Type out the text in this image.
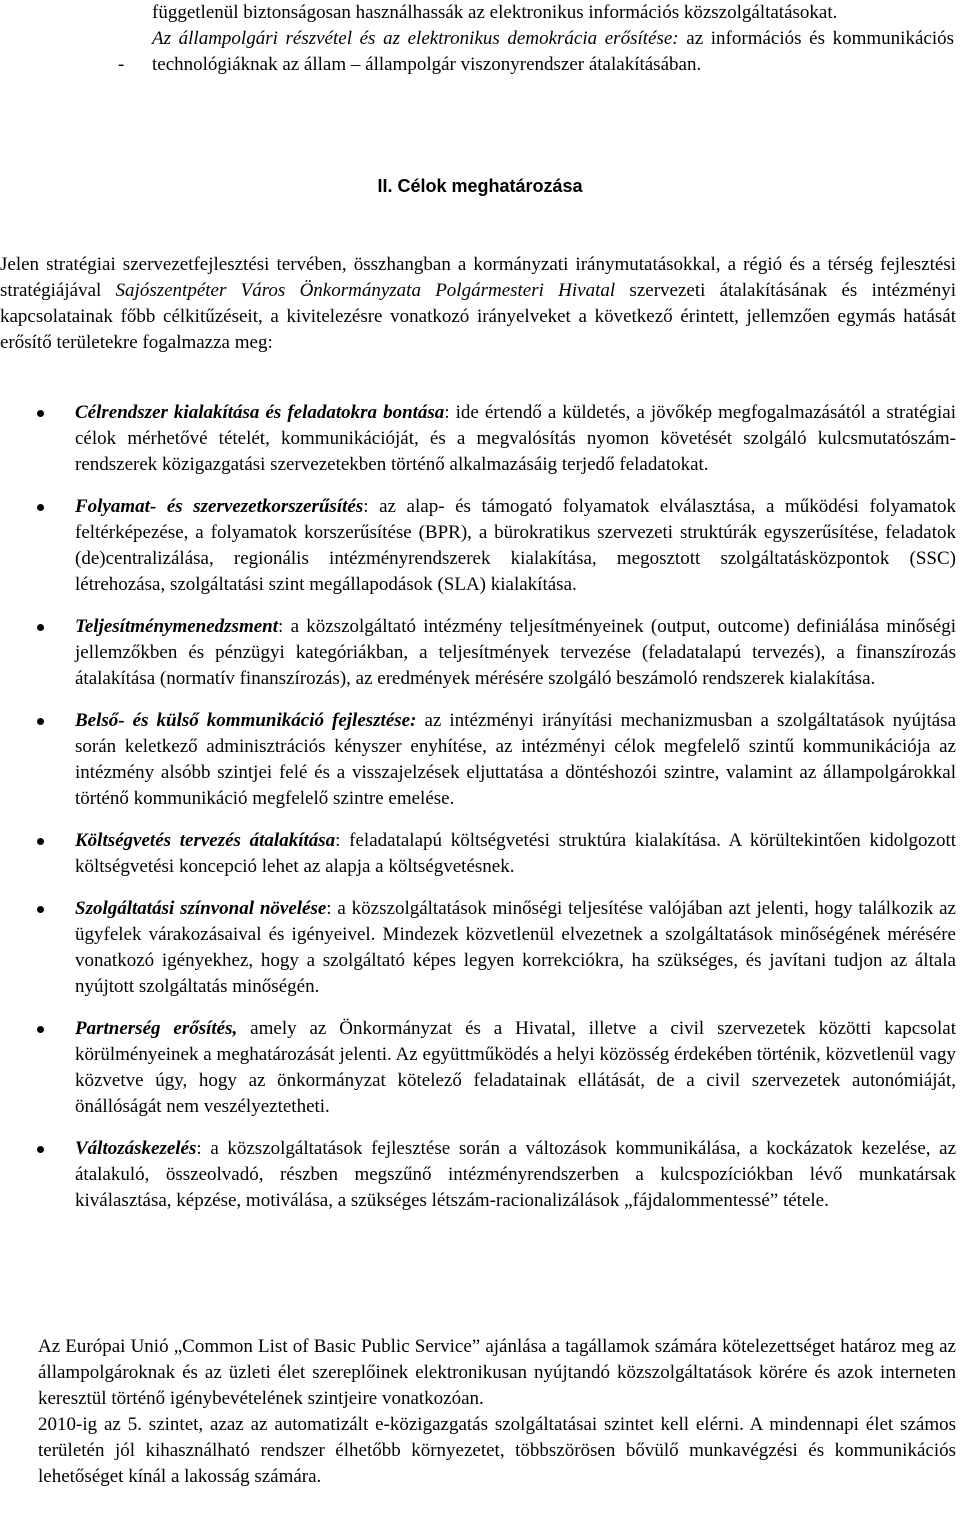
függetlenül biztonságosan használhassák az elektronikus információs közszolgáltatásokat.

Az állampolgári részvétel és az elektronikus demokrácia erősítése: az információs és kommunikációs technológiáknak az állam – állampolgár viszonyrendszer átalakításában.

-
II. Célok meghatározása

Jelen stratégiai szervezetfejlesztési tervében, összhangban a kormányzati iránymutatásokkal, a régió és a térség fejlesztési stratégiájával Sajószentpéter Város Önkormányzata Polgármesteri Hivatal szervezeti átalakításának és intézményi kapcsolatainak főbb célkitűzéseit, a kivitelezésre vonatkozó irányelveket a következő érintett, jellemzően egymás hatását erősítő területekre fogalmazza meg:

Célrendszer kialakítása és feladatokra bontása: ide értendő a küldetés, a jövőkép megfogalmazásától a stratégiai célok mérhetővé tételét, kommunikációját, és a megvalósítás nyomon követését szolgáló kulcsmutatószám-rendszerek közigazgatási szervezetekben történő alkalmazásáig terjedő feladatokat.
Folyamat- és szervezetkorszerűsítés: az alap- és támogató folyamatok elválasztása, a működési folyamatok feltérképezése, a folyamatok korszerűsítése (BPR), a bürokratikus szervezeti struktúrák egyszerűsítése, feladatok (de)centralizálása, regionális intézményrendszerek kialakítása, megosztott szolgáltatásközpontok (SSC) létrehozása, szolgáltatási szint megállapodások (SLA) kialakítása.
Teljesítménymenedzsment: a közszolgáltató intézmény teljesítményeinek (output, outcome) definiálása minőségi jellemzőkben és pénzügyi kategóriákban, a teljesítmények tervezése (feladatalapú tervezés), a finanszírozás átalakítása (normatív finanszírozás), az eredmények mérésére szolgáló beszámoló rendszerek kialakítása.
Belső- és külső kommunikáció fejlesztése: az intézményi irányítási mechanizmusban a szolgáltatások nyújtása során keletkező adminisztrációs kényszer enyhítése, az intézményi célok megfelelő szintű kommunikációja az intézmény alsóbb szintjei felé és a visszajelzések eljuttatása a döntéshozói szintre, valamint az állampolgárokkal történő kommunikáció megfelelő szintre emelése.
Költségvetés tervezés átalakítása: feladatalapú költségvetési struktúra kialakítása. A körültekintően kidolgozott költségvetési koncepció lehet az alapja a költségvetésnek.
Szolgáltatási színvonal növelése: a közszolgáltatások minőségi teljesítése valójában azt jelenti, hogy találkozik az ügyfelek várakozásaival és igényeivel. Mindezek közvetlenül elvezetnek a szolgáltatások minőségének mérésére vonatkozó igényekhez, hogy a szolgáltató képes legyen korrekciókra, ha szükséges, és javítani tudjon az általa nyújtott szolgáltatás minőségén.
Partnerség erősítés, amely az Önkormányzat és a Hivatal, illetve a civil szervezetek közötti kapcsolat körülményeinek a meghatározását jelenti. Az együttműködés a helyi közösség érdekében történik, közvetlenül vagy közvetve úgy, hogy az önkormányzat kötelező feladatainak ellátását, de a civil szervezetek autonómiáját, önállóságát nem veszélyeztetheti.
Változáskezelés: a közszolgáltatások fejlesztése során a változások kommunikálása, a kockázatok kezelése, az átalakuló, összeolvadó, részben megszűnő intézményrendszerben a kulcspozíciókban lévő munkatársak kiválasztása, képzése, motiválása, a szükséges létszám-racionalizálások „fájdalommentessé” tétele.

Az Európai Unió „Common List of Basic Public Service” ajánlása a tagállamok számára kötelezettséget határoz meg az állampolgároknak és az üzleti élet szereplőinek elektronikusan nyújtandó közszolgáltatások körére és azok interneten keresztül történő igénybevételének szintjeire vonatkozóan.

2010-ig az 5. szintet, azaz az automatizált e-közigazgatás szolgáltatásai szintet kell elérni. A mindennapi élet számos területén jól kihasználható rendszer élhetőbb környezetet, többszörösen bővülő munkavégzési és kommunikációs lehetőséget kínál a lakosság számára.
